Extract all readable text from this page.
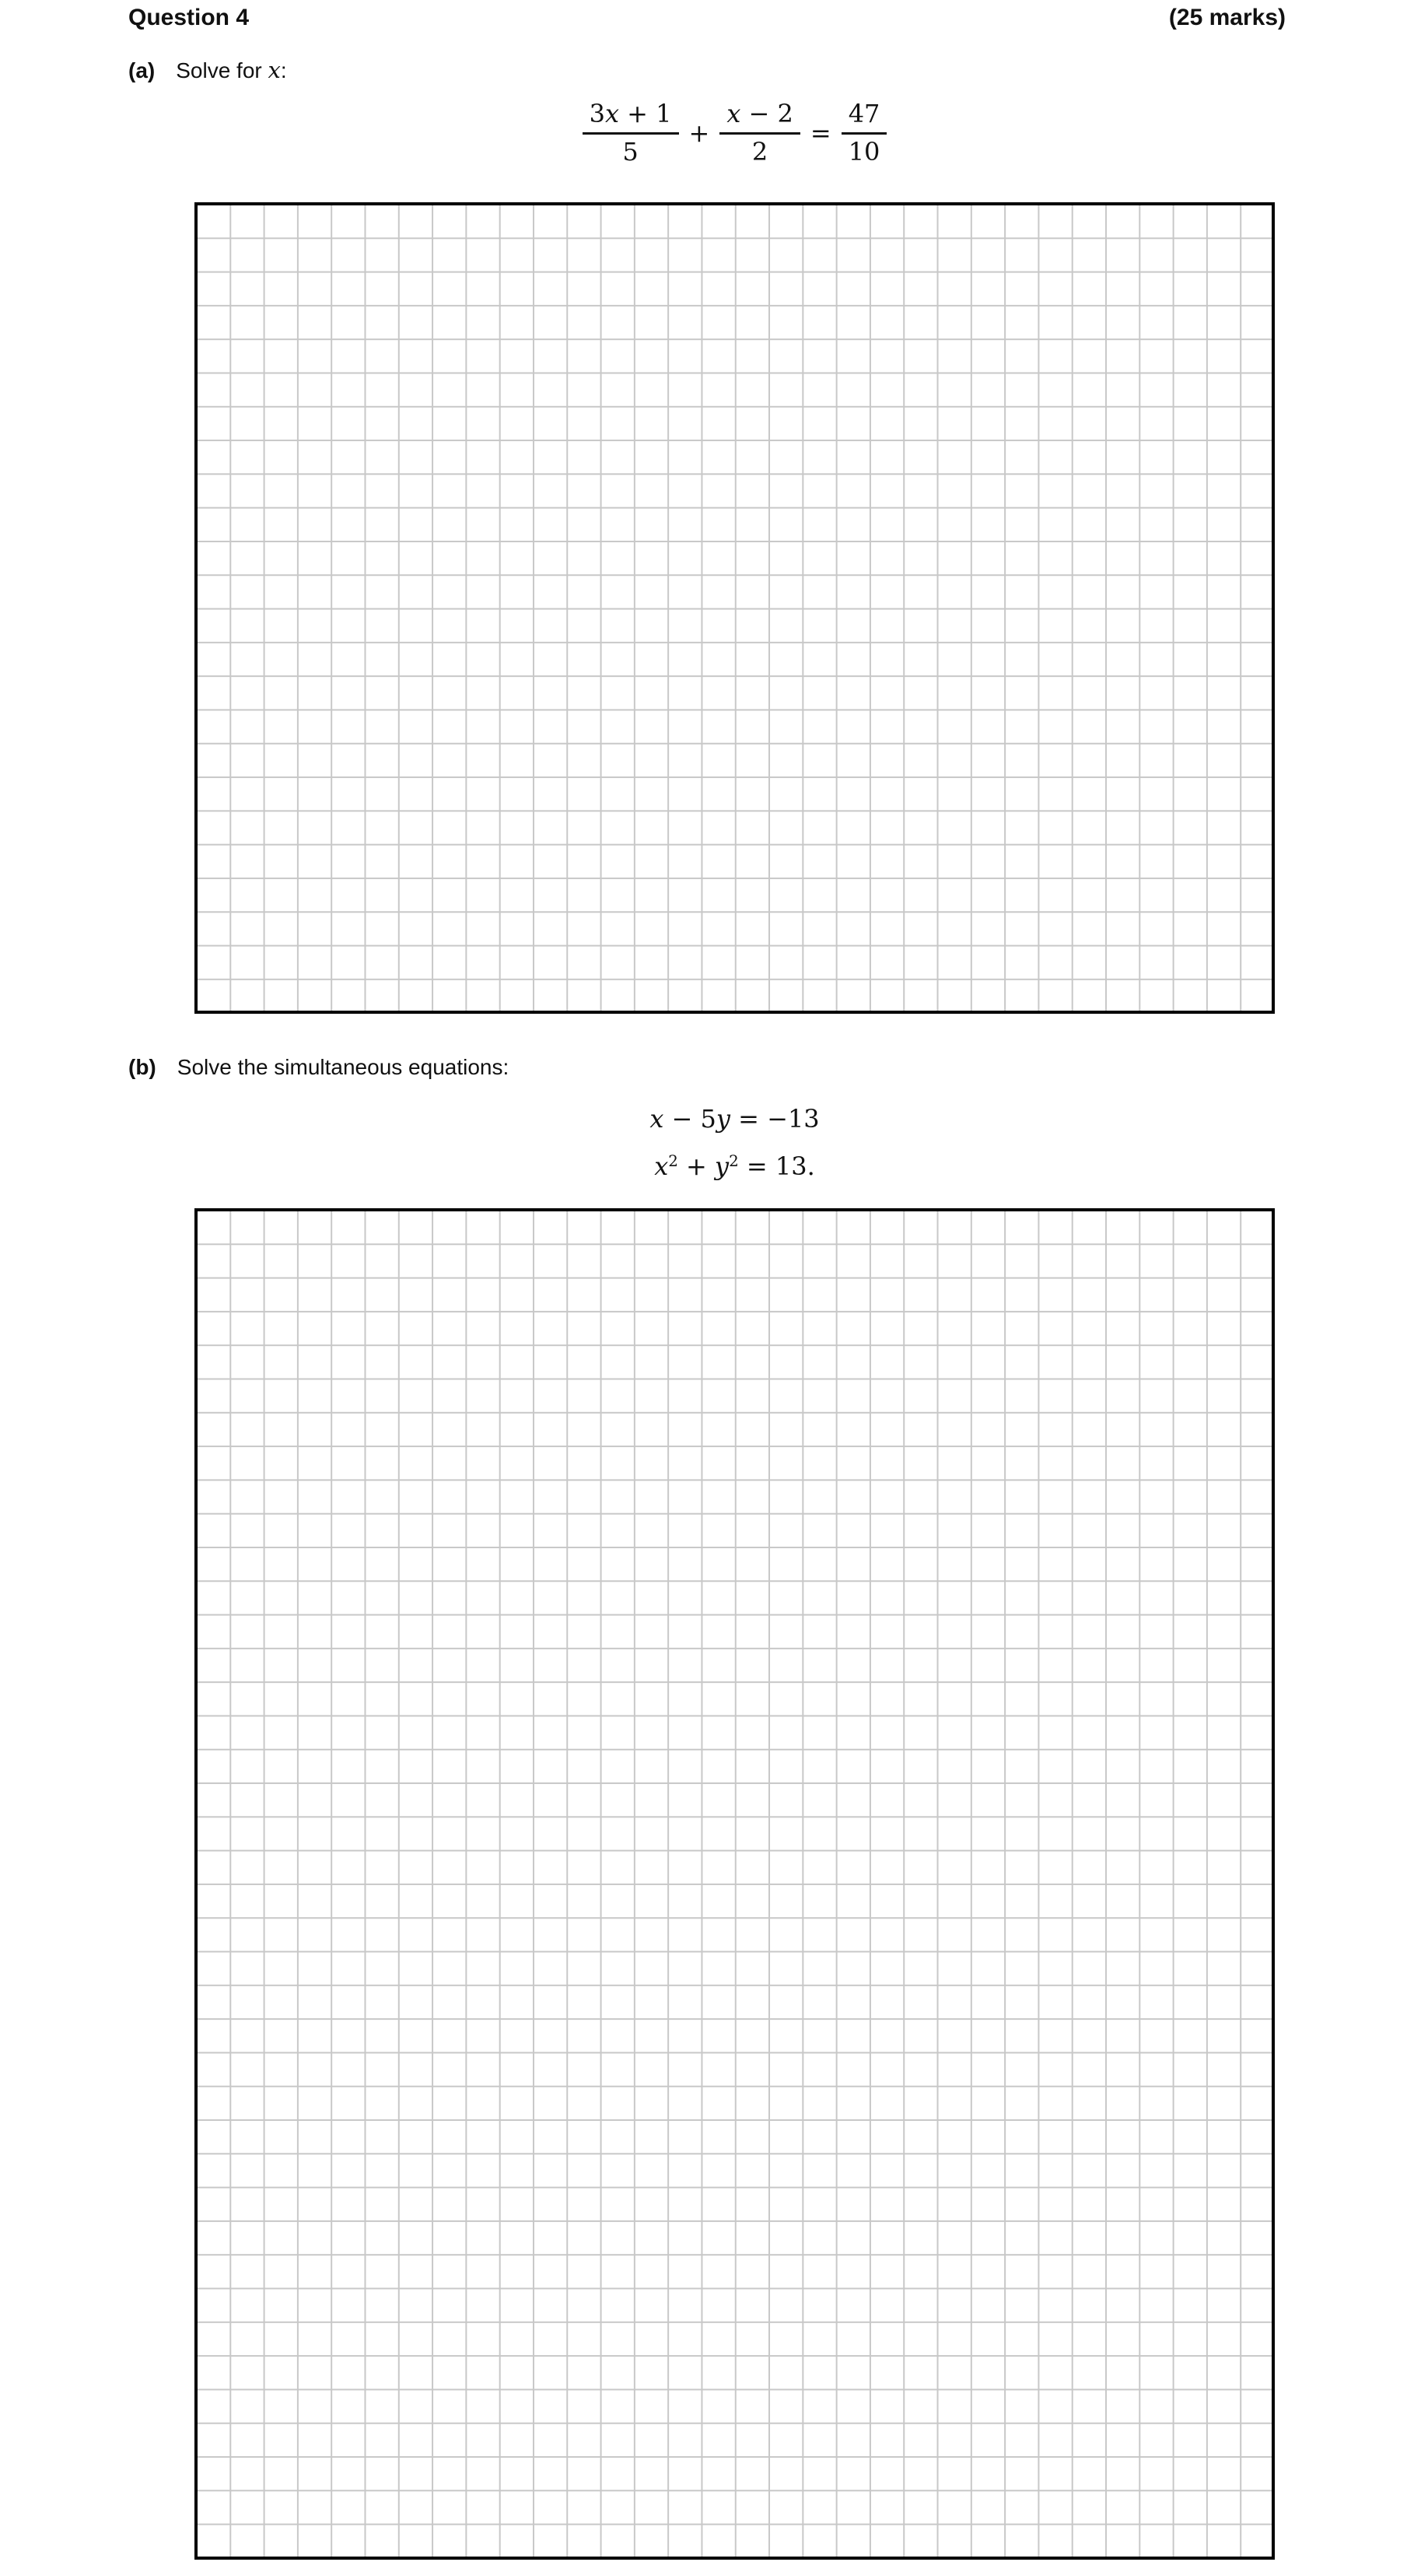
Question 4	(25 marks)
(a) Solve for x:
$\frac{3x + 1}{5} + \frac{x - 2}{2} = \frac{47}{10}$
(b) Solve the simultaneous equations:
x − 5y = −13
$x^2 + y^2 = 13$.
